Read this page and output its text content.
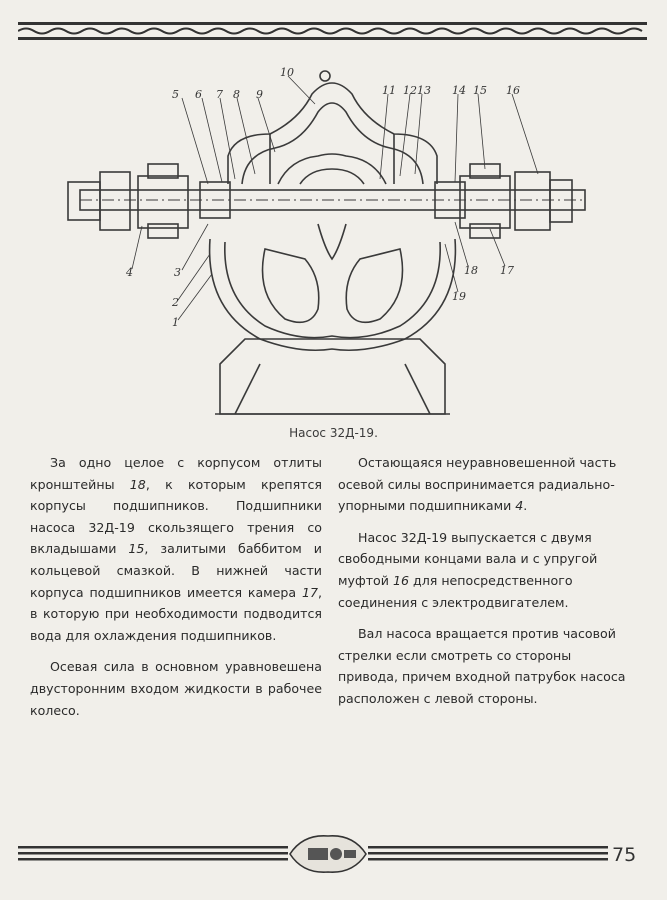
5 6 7 8 9
10
11 12 13 14 15 16
4	3
2
1
18 17
19
Насос 32Д-19.

За одно целое с корпусом отлиты кронштейны 18, к которым крепятся корпусы подшипников. Подшипники насоса 32Д-19 скользящего трения со вкладышами 15, залитыми баббитом и кольцевой смазкой. В нижней части корпуса подшипников имеется камера 17, в которую при необходимости подводится вода для охлаждения подшипников.

Осевая сила в основном уравновешена двусторонним входом жидкости в рабочее колесо.

Остающаяся неуравновешенной часть осевой силы воспринимается радиально-упорными подшипниками 4.

Насос 32Д-19 выпускается с двумя свободными концами вала и с упругой муфтой 16 для непосредственного соединения с электродвигателем.

Вал насоса вращается против часовой стрелки если смотреть со стороны привода, причем входной патрубок насоса расположен с левой стороны.

75
